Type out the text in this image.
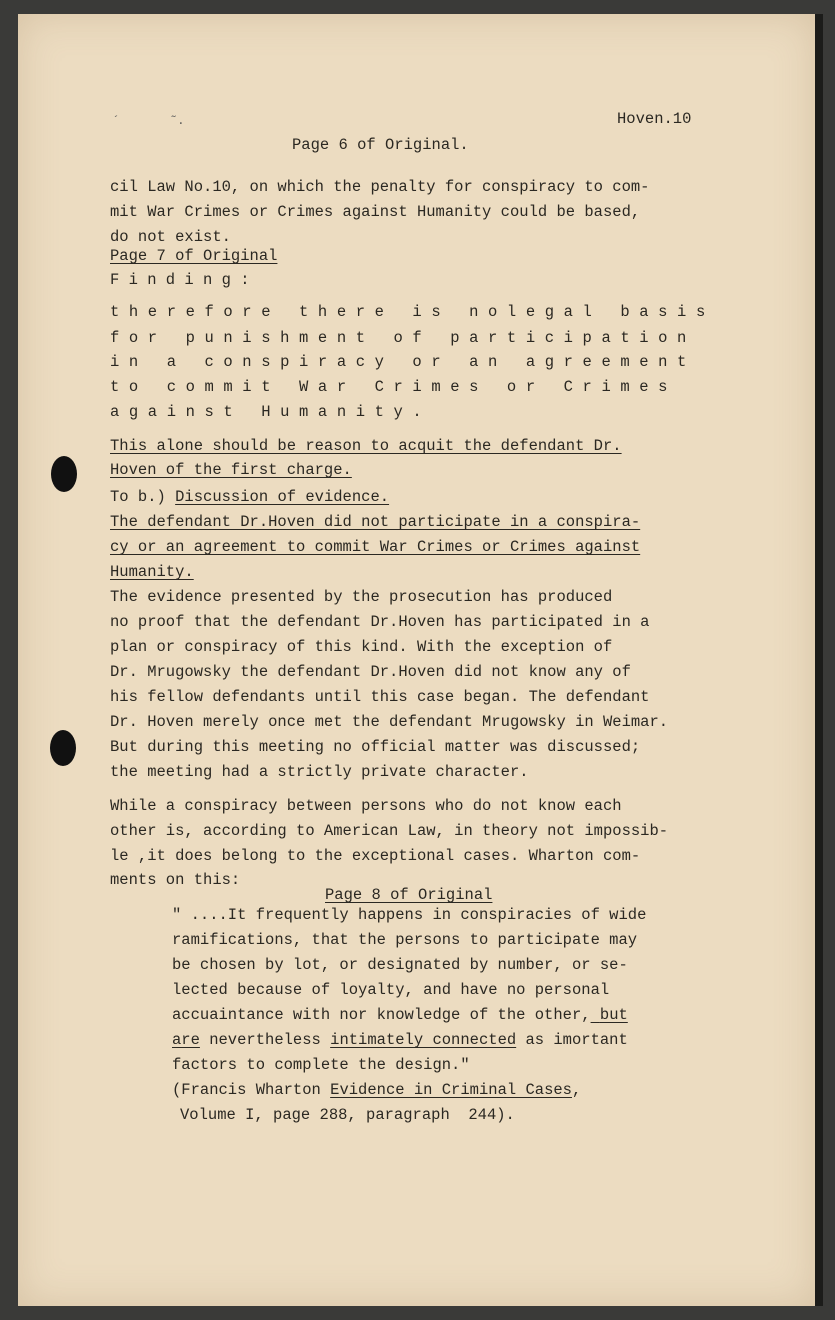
 ´       ˜.	Hoven.10
Page 6 of Original.
cil Law No.10, on which the penalty for conspiracy to com-
mit War Crimes or Crimes against Humanity could be based,
do not exist.
Page 7 of Original
F i n d i n g :
therefore there is nolegal basis
for punishment of participation
in a conspiracy or an agreement
to commit War Crimes or Crimes
against Humanity.
This alone should be reason to acquit the defendant Dr.
Hoven of the first charge.
To b.) Discussion of evidence.
The defendant Dr.Hoven did not participate in a conspira-
cy or an agreement to commit War Crimes or Crimes against
Humanity.
The evidence presented by the prosecution has produced
no proof that the defendant Dr.Hoven has participated in a
plan or conspiracy of this kind. With the exception of
Dr. Mrugowsky the defendant Dr.Hoven did not know any of
his fellow defendants until this case began. The defendant
Dr. Hoven merely once met the defendant Mrugowsky in Weimar.
But during this meeting no official matter was discussed;
the meeting had a strictly private character.
While a conspiracy between persons who do not know each
other is, according to American Law, in theory not impossib-
le ,it does belong to the exceptional cases. Wharton com-
ments on this:
Page 8 of Original
" ....It frequently happens in conspiracies of wide
ramifications, that the persons to participate may
be chosen by lot, or designated by number, or se-
lected because of loyalty, and have no personal
accuaintance with nor knowledge of the other, but
are nevertheless intimately connected as imortant
factors to complete the design."
(Francis Wharton Evidence in Criminal Cases,
Volume I, page 288, paragraph  244).
